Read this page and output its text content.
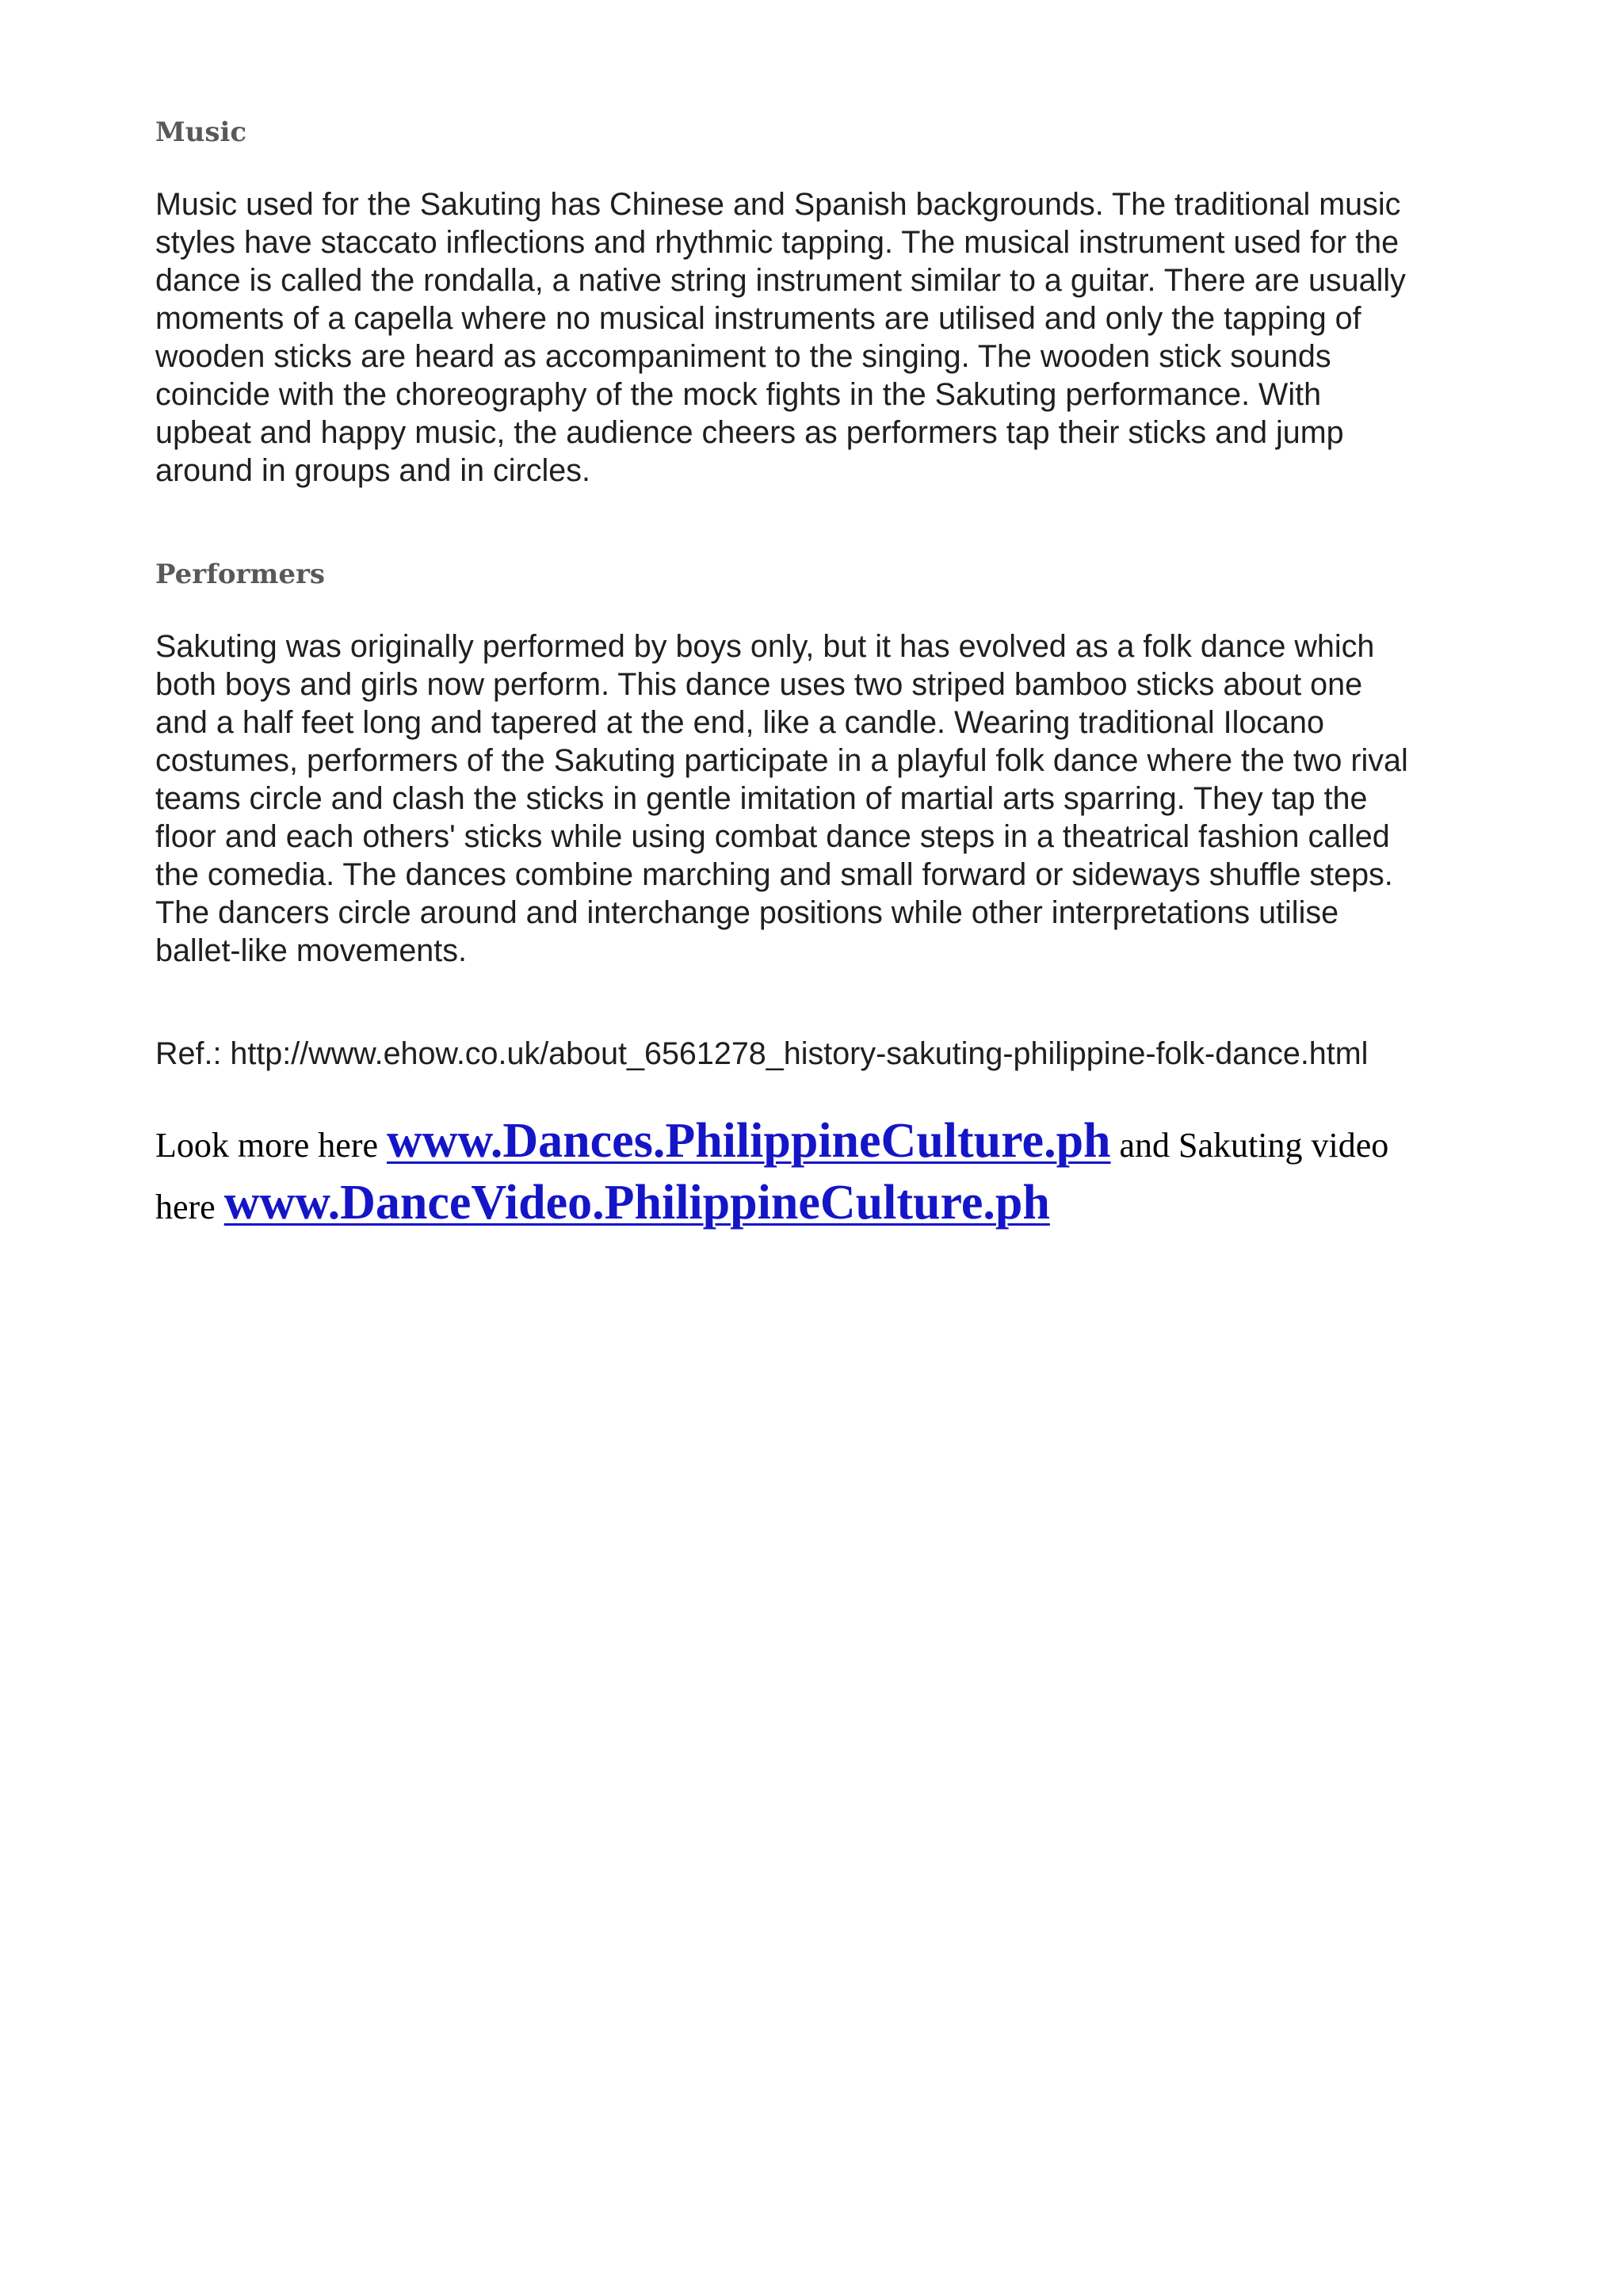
Music

Music used for the Sakuting has Chinese and Spanish backgrounds. The traditional music
styles have staccato inflections and rhythmic tapping. The musical instrument used for the
dance is called the rondalla, a native string instrument similar to a guitar. There are usually
moments of a capella where no musical instruments are utilised and only the tapping of
wooden sticks are heard as accompaniment to the singing. The wooden stick sounds
coincide with the choreography of the mock fights in the Sakuting performance. With
upbeat and happy music, the audience cheers as performers tap their sticks and jump
around in groups and in circles.

Performers

Sakuting was originally performed by boys only, but it has evolved as a folk dance which
both boys and girls now perform. This dance uses two striped bamboo sticks about one
and a half feet long and tapered at the end, like a candle. Wearing traditional Ilocano
costumes, performers of the Sakuting participate in a playful folk dance where the two rival
teams circle and clash the sticks in gentle imitation of martial arts sparring. They tap the
floor and each others' sticks while using combat dance steps in a theatrical fashion called
the comedia. The dances combine marching and small forward or sideways shuffle steps.
The dancers circle around and interchange positions while other interpretations utilise
ballet-like movements.

Ref.: http://www.ehow.co.uk/about_6561278_history-sakuting-philippine-folk-dance.html

Look more here www.Dances.PhilippineCulture.ph and Sakuting video
here www.DanceVideo.PhilippineCulture.ph
